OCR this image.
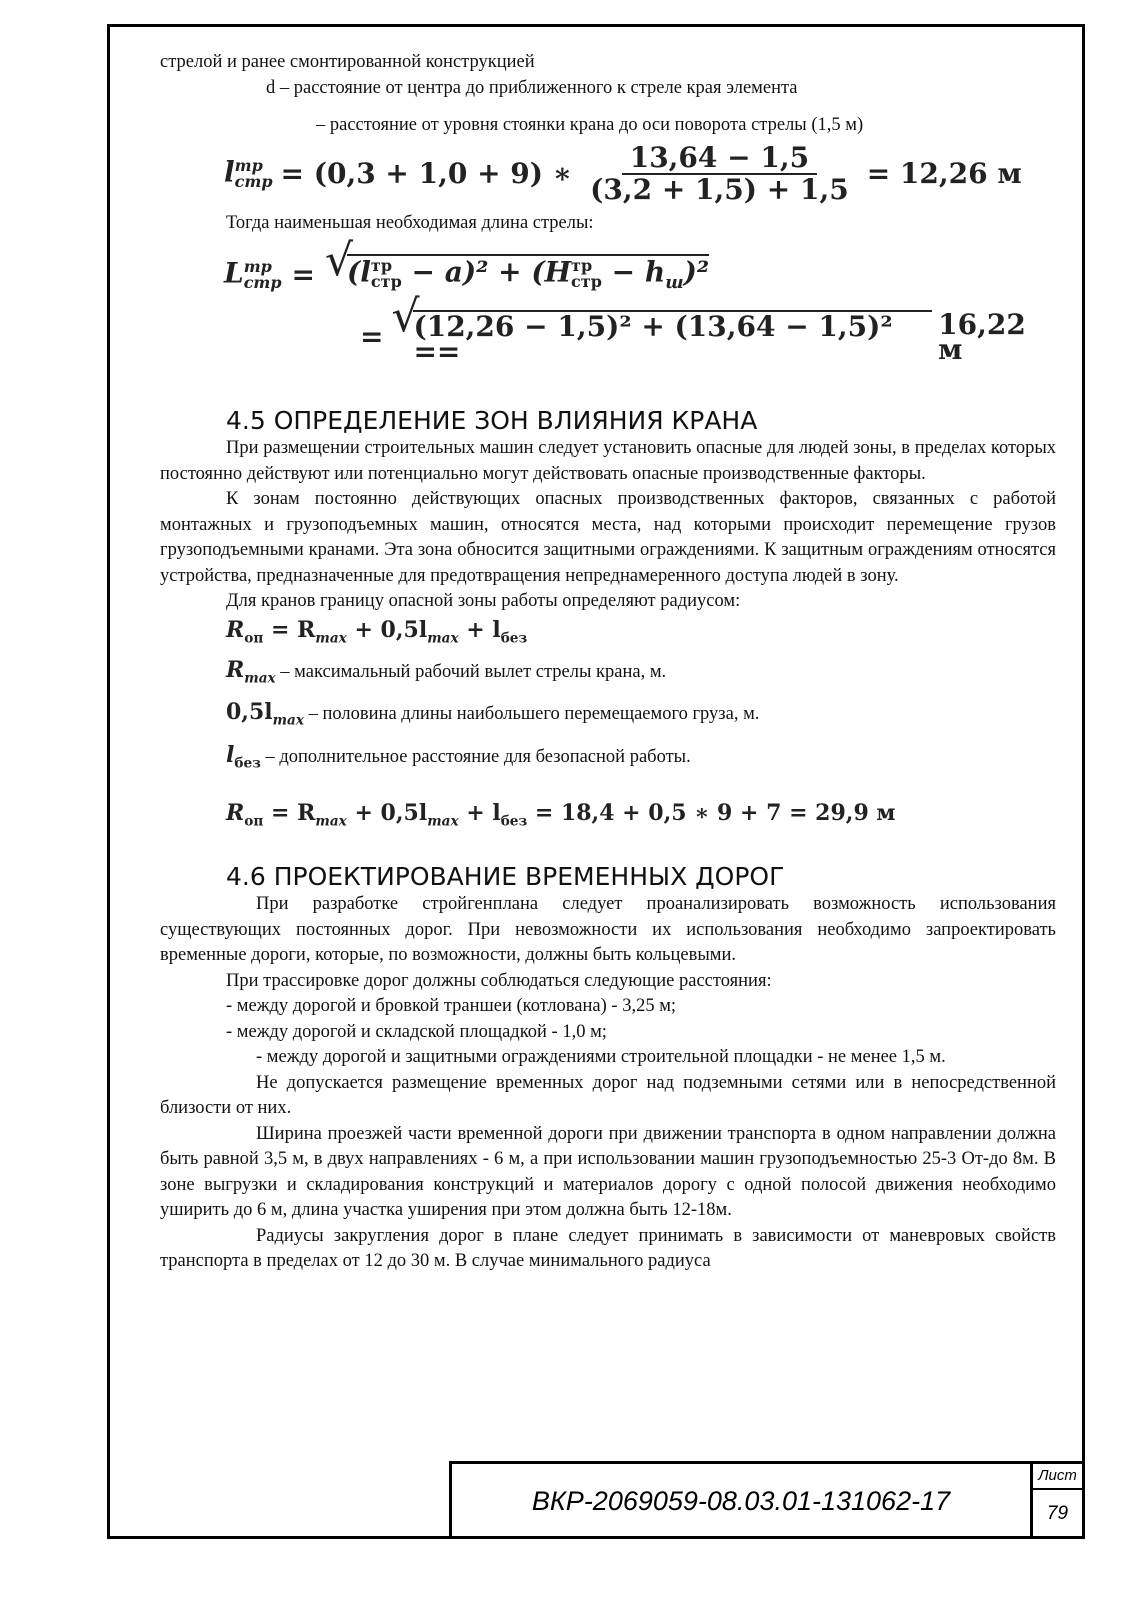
стрелой и ранее смонтированной конструкцией

d – расстояние от центра до приближенного к стреле края элемента

– расстояние от уровня стоянки крана до оси поворота стрелы (1,5 м)

l тр
стр = (0,3 + 1,0 + 9) ∗ $\frac{13,64 - 1,5}{(3,2 + 1,5) + 1,5} = 12,26$ м

Тогда наименьшая необходимая длина стрелы:

L тр
стр = √
(l тр
стр − a)² + (H тр
стр − $h_ш)^2$
= √
(12,26 − 1,5)² + (13,64 − 1,5)² ==
16,22 м
4.5 ОПРЕДЕЛЕНИЕ ЗОН ВЛИЯНИЯ КРАНА

При размещении строительных машин следует установить опасные для людей зоны, в пределах которых постоянно действуют или потенциально могут действовать опасные производственные факторы.

К зонам постоянно действующих опасных производственных факторов, связанных с работой монтажных и грузоподъемных машин, относятся места, над которыми происходит перемещение грузов грузоподъемными кранами. Эта зона обносится защитными ограждениями. К защитным ограждениям относятся устройства, предназначенные для предотвращения непреднамеренного доступа людей в зону.

Для кранов границу опасной зоны работы определяют радиусом:

$R_{оп} = R_{max} + 0,5l_{max} + l_{без}$

$R_{max}$ – максимальный рабочий вылет стрелы крана, м.

$0,5l_{max}$ – половина длины наибольшего перемещаемого груза, м.

$l_{без}$ – дополнительное расстояние для безопасной работы.

$R_{оп} = R_{max} + 0,5l_{max} + l_{без} = 18,4 + 0,5$ ∗ 9 + 7 = 29,9 м
4.6 ПРОЕКТИРОВАНИЕ ВРЕМЕННЫХ ДОРОГ

При разработке стройгенплана следует проанализировать возможность использования существующих постоянных дорог. При невозможности их использования необходимо запроектировать временные дороги, которые, по возможности, должны быть кольцевыми.

При трассировке дорог должны соблюдаться следующие расстояния:

- между дорогой и бровкой траншеи (котлована) - 3,25 м;

- между дорогой и складской площадкой - 1,0 м;

- между дорогой и защитными ограждениями строительной площадки - не менее 1,5 м.

Не допускается размещение временных дорог над подземными сетями или в непосредственной близости от них.

Ширина проезжей части временной дороги при движении транспорта в одном направлении должна быть равной 3,5 м, в двух направлениях - 6 м, а при использовании машин грузоподъемностью 25-3 От-до 8м. В зоне выгрузки и складирования конструкций и материалов дорогу с одной полосой движения необходимо уширить до 6 м, длина участка уширения при этом должна быть 12-18м.

Радиусы закругления дорог в плане следует принимать в зависимости от маневровых свойств транспорта в пределах от 12 до 30 м. В случае минимального радиуса

ВКР-2069059-08.03.01-131062-17
Лист
79
